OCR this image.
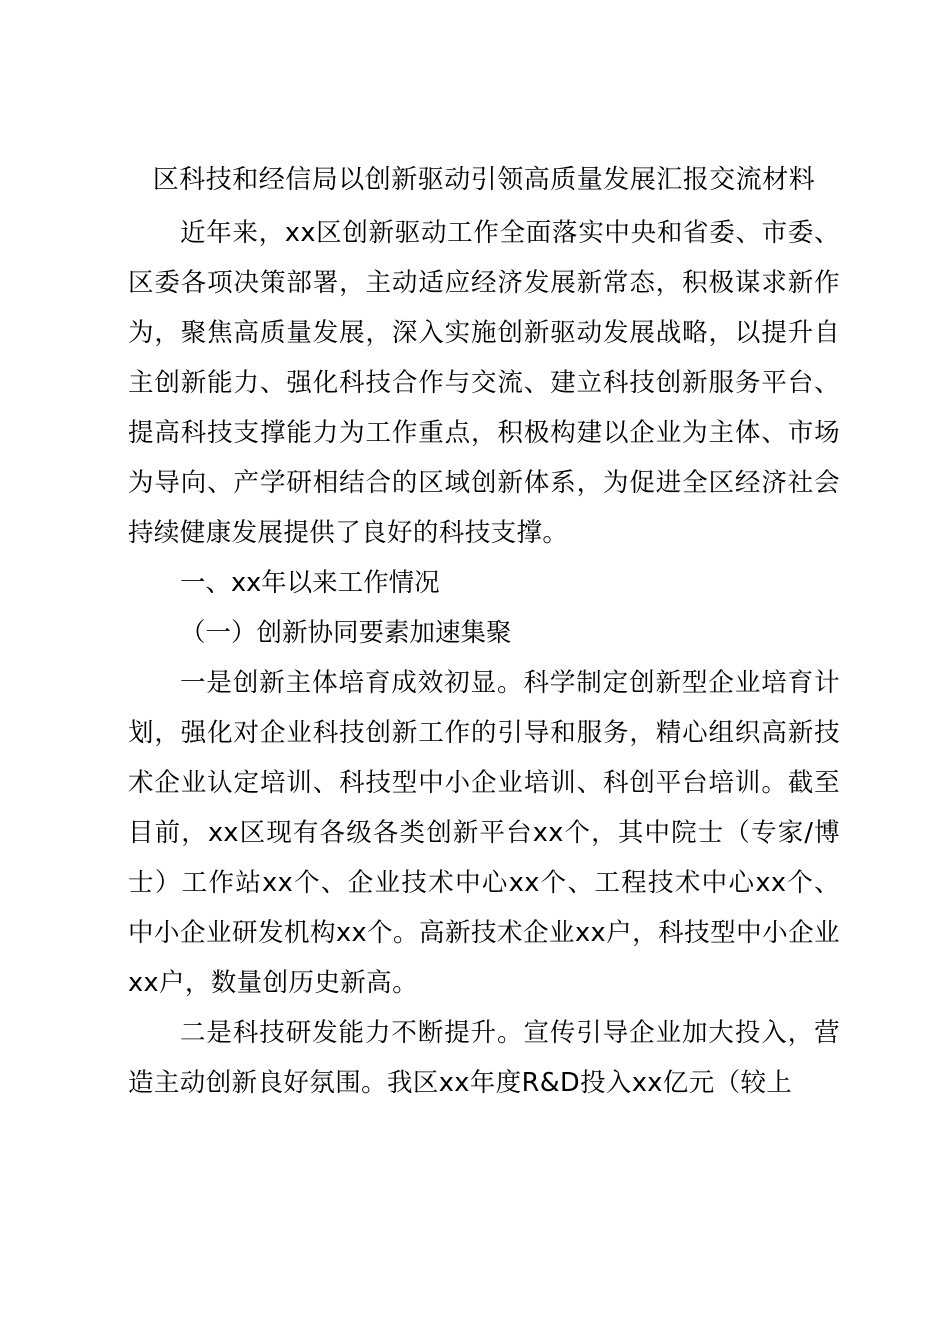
区科技和经信局以创新驱动引领高质量发展汇报交流材料

近年来，xx区创新驱动工作全面落实中央和省委、市委、区委各项决策部署，主动适应经济发展新常态，积极谋求新作为，聚焦高质量发展，深入实施创新驱动发展战略，以提升自主创新能力、强化科技合作与交流、建立科技创新服务平台、提高科技支撑能力为工作重点，积极构建以企业为主体、市场为导向、产学研相结合的区域创新体系，为促进全区经济社会持续健康发展提供了良好的科技支撑。

一、xx年以来工作情况

（一）创新协同要素加速集聚

一是创新主体培育成效初显。科学制定创新型企业培育计划，强化对企业科技创新工作的引导和服务，精心组织高新技术企业认定培训、科技型中小企业培训、科创平台培训。截至目前，xx区现有各级各类创新平台xx个，其中院士（专家/博士）工作站xx个、企业技术中心xx个、工程技术中心xx个、中小企业研发机构xx个。高新技术企业xx户，科技型中小企业xx户，数量创历史新高。

二是科技研发能力不断提升。宣传引导企业加大投入，营造主动创新良好氛围。我区xx年度R&D投入xx亿元（较上
